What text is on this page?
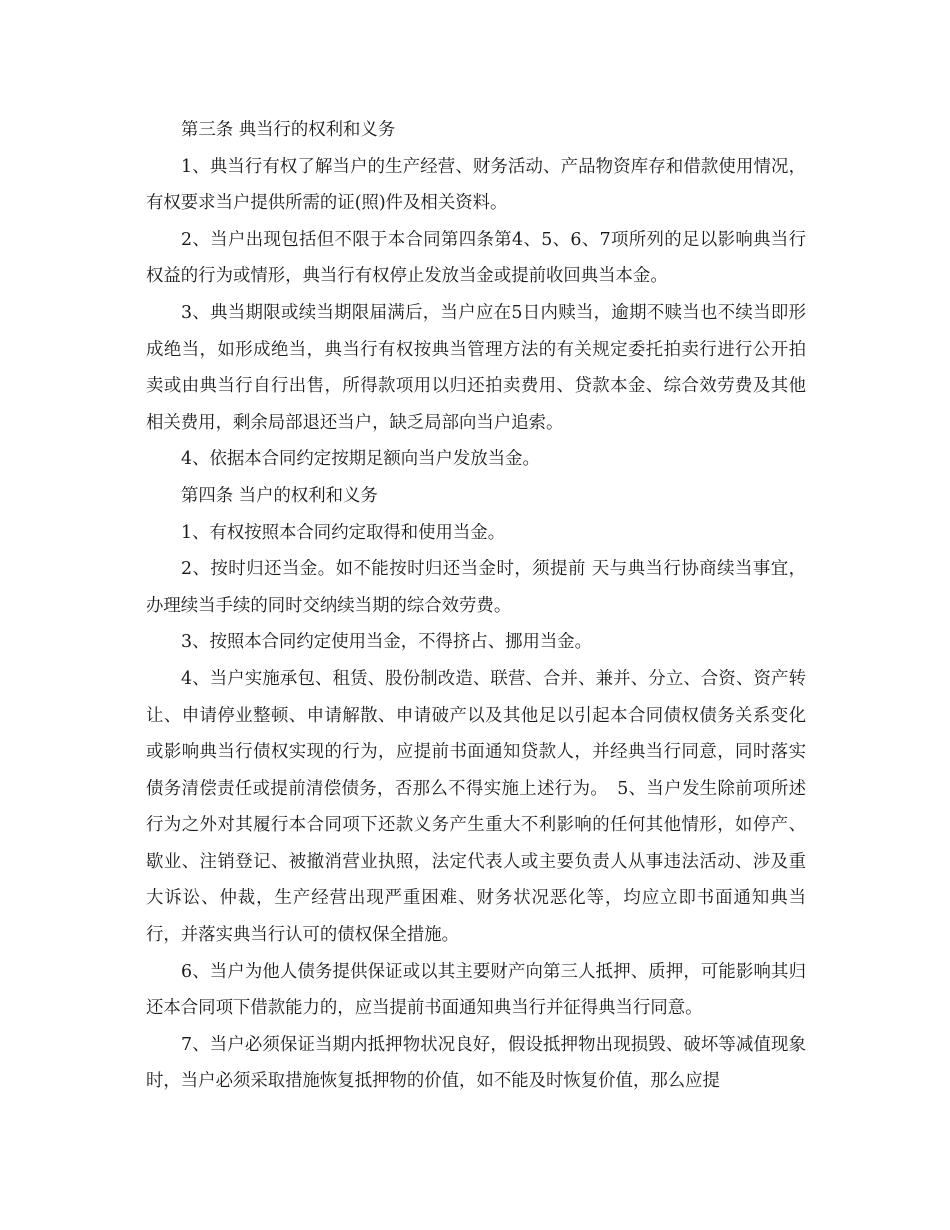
第三条 典当行的权利和义务

1、典当行有权了解当户的生产经营、财务活动、产品物资库存和借款使用情况，有权要求当户提供所需的证(照)件及相关资料。

2、当户出现包括但不限于本合同第四条第4、5、6、7项所列的足以影响典当行权益的行为或情形，典当行有权停止发放当金或提前收回典当本金。

3、典当期限或续当期限届满后，当户应在5日内赎当，逾期不赎当也不续当即形成绝当，如形成绝当，典当行有权按典当管理方法的有关规定委托拍卖行进行公开拍卖或由典当行自行出售，所得款项用以归还拍卖费用、贷款本金、综合效劳费及其他相关费用，剩余局部退还当户，缺乏局部向当户追索。

4、依据本合同约定按期足额向当户发放当金。

第四条 当户的权利和义务

1、有权按照本合同约定取得和使用当金。

2、按时归还当金。如不能按时归还当金时，须提前 天与典当行协商续当事宜，办理续当手续的同时交纳续当期的综合效劳费。

3、按照本合同约定使用当金，不得挤占、挪用当金。

4、当户实施承包、租赁、股份制改造、联营、合并、兼并、分立、合资、资产转让、申请停业整顿、申请解散、申请破产以及其他足以引起本合同债权债务关系变化或影响典当行债权实现的行为，应提前书面通知贷款人，并经典当行同意，同时落实债务清偿责任或提前清偿债务，否那么不得实施上述行为。　5、当户发生除前项所述行为之外对其履行本合同项下还款义务产生重大不利影响的任何其他情形，如停产、歇业、注销登记、被撤消营业执照，法定代表人或主要负责人从事违法活动、涉及重大诉讼、仲裁，生产经营出现严重困难、财务状况恶化等，均应立即书面通知典当行，并落实典当行认可的债权保全措施。

6、当户为他人债务提供保证或以其主要财产向第三人抵押、质押，可能影响其归还本合同项下借款能力的，应当提前书面通知典当行并征得典当行同意。

7、当户必须保证当期内抵押物状况良好，假设抵押物出现损毁、破坏等减值现象时，当户必须采取措施恢复抵押物的价值，如不能及时恢复价值，那么应提
